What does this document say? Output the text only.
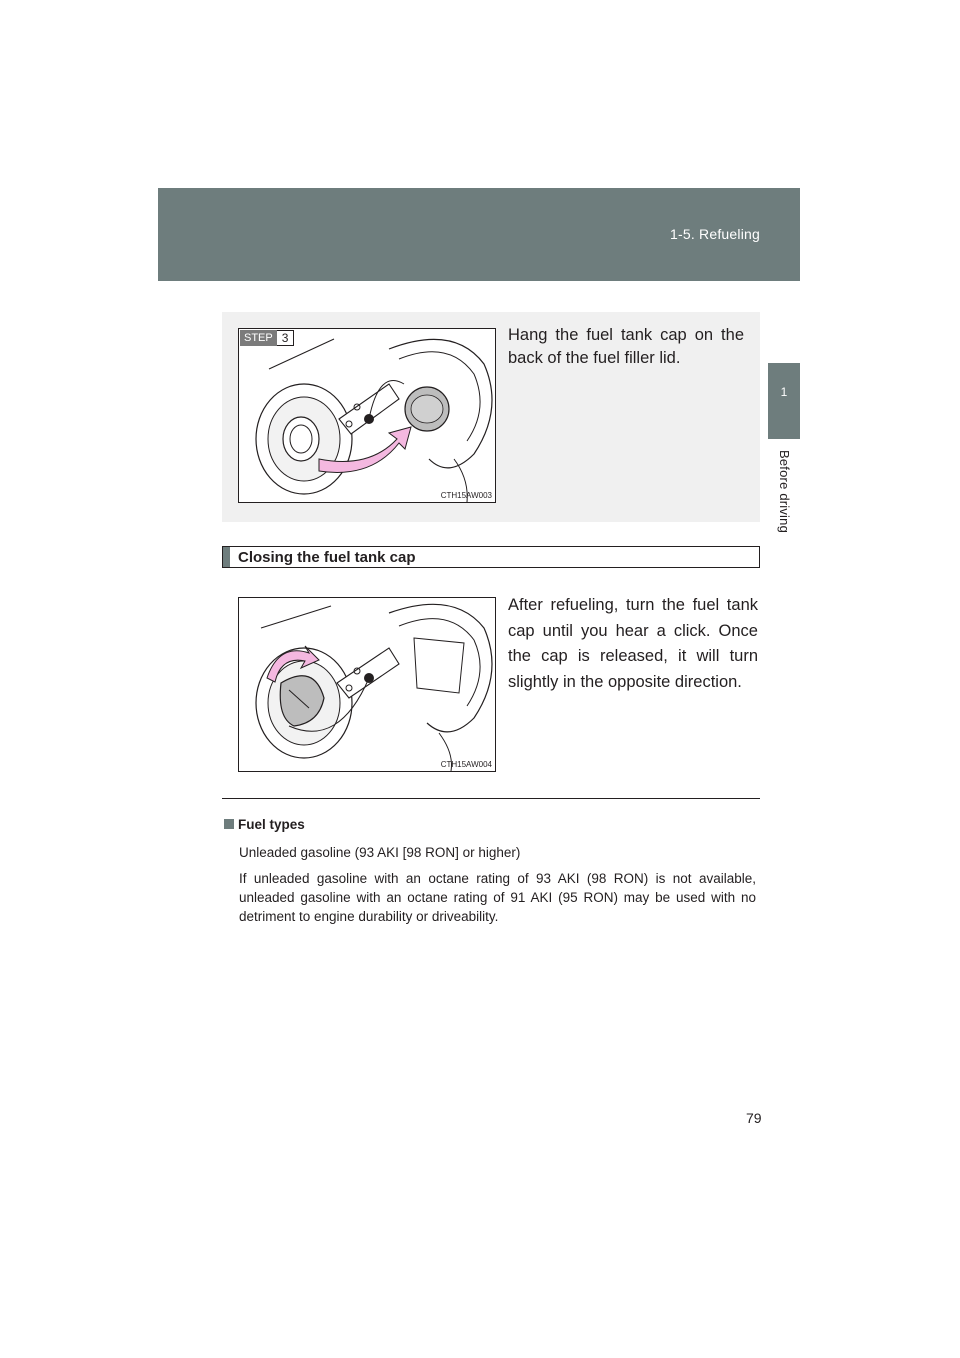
1-5. Refueling
1
Before driving
STEP 3
CTH15AW003
Hang the fuel tank cap on the back of the fuel filler lid.
Closing the fuel tank cap
CTH15AW004
After refueling, turn the fuel tank cap until you hear a click. Once the cap is released, it will turn slightly in the opposite direction.
Fuel types
Unleaded gasoline (93 AKI [98 RON] or higher)
If unleaded gasoline with an octane rating of 93 AKI (98 RON) is not available, unleaded gasoline with an octane rating of 91 AKI (95 RON) may be used with no detriment to engine durability or driveability.
79
